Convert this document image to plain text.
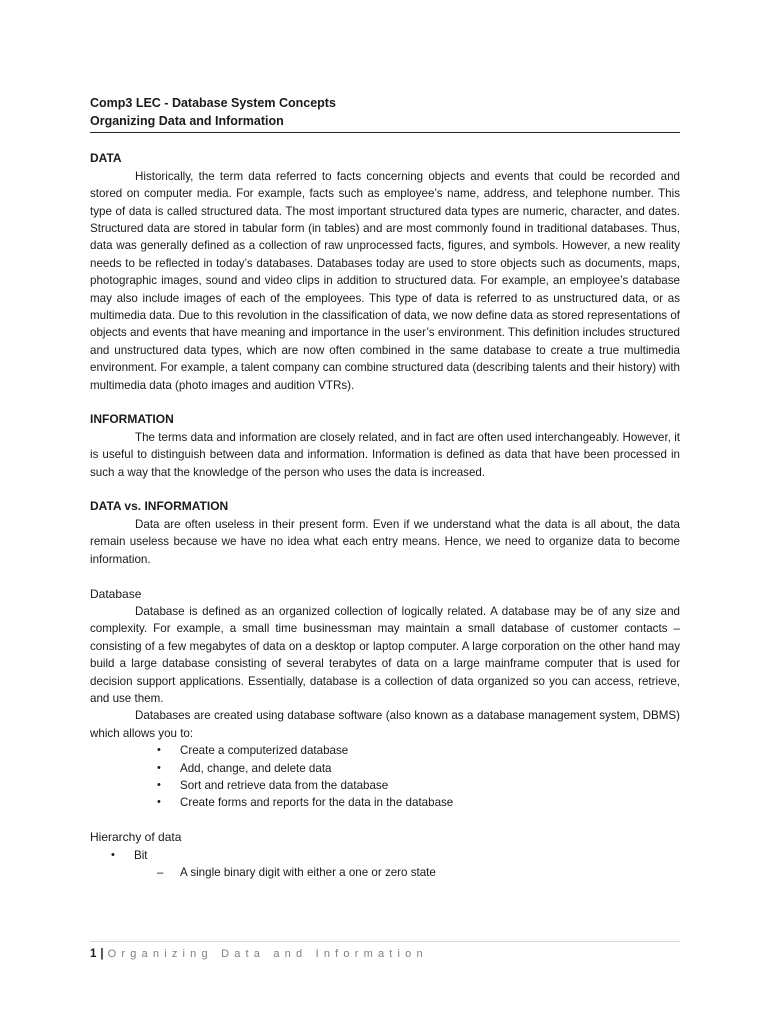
Comp3 LEC - Database System Concepts
Organizing Data and Information
DATA

Historically, the term data referred to facts concerning objects and events that could be recorded and stored on computer media. For example, facts such as employee’s name, address, and telephone number. This type of data is called structured data. The most important structured data types are numeric, character, and dates. Structured data are stored in tabular form (in tables) and are most commonly found in traditional databases. Thus, data was generally defined as a collection of raw unprocessed facts, figures, and symbols. However, a new reality needs to be reflected in today’s databases. Databases today are used to store objects such as documents, maps, photographic images, sound and video clips in addition to structured data. For example, an employee’s database may also include images of each of the employees. This type of data is referred to as unstructured data, or as multimedia data. Due to this revolution in the classification of data, we now define data as stored representations of objects and events that have meaning and importance in the user’s environment. This definition includes structured and unstructured data types, which are now often combined in the same database to create a true multimedia environment. For example, a talent company can combine structured data (describing talents and their history) with multimedia data (photo images and audition VTRs).

INFORMATION

The terms data and information are closely related, and in fact are often used interchangeably. However, it is useful to distinguish between data and information. Information is defined as data that have been processed in such a way that the knowledge of the person who uses the data is increased.

DATA vs. INFORMATION

Data are often useless in their present form. Even if we understand what the data is all about, the data remain useless because we have no idea what each entry means. Hence, we need to organize data to become information.

Database

Database is defined as an organized collection of logically related. A database may be of any size and complexity. For example, a small time businessman may maintain a small database of customer contacts – consisting of a few megabytes of data on a desktop or laptop computer. A large corporation on the other hand may build a large database consisting of several terabytes of data on a large mainframe computer that is used for decision support applications. Essentially, database is a collection of data organized so you can access, retrieve, and use them.

Databases are created using database software (also known as a database management system, DBMS) which allows you to:

• Create a computerized database
• Add, change, and delete data
• Sort and retrieve data from the database
• Create forms and reports for the data in the database
Hierarchy of data
• Bit
– A single binary digit with either a one or zero state
1 | Organizing Data and Information
